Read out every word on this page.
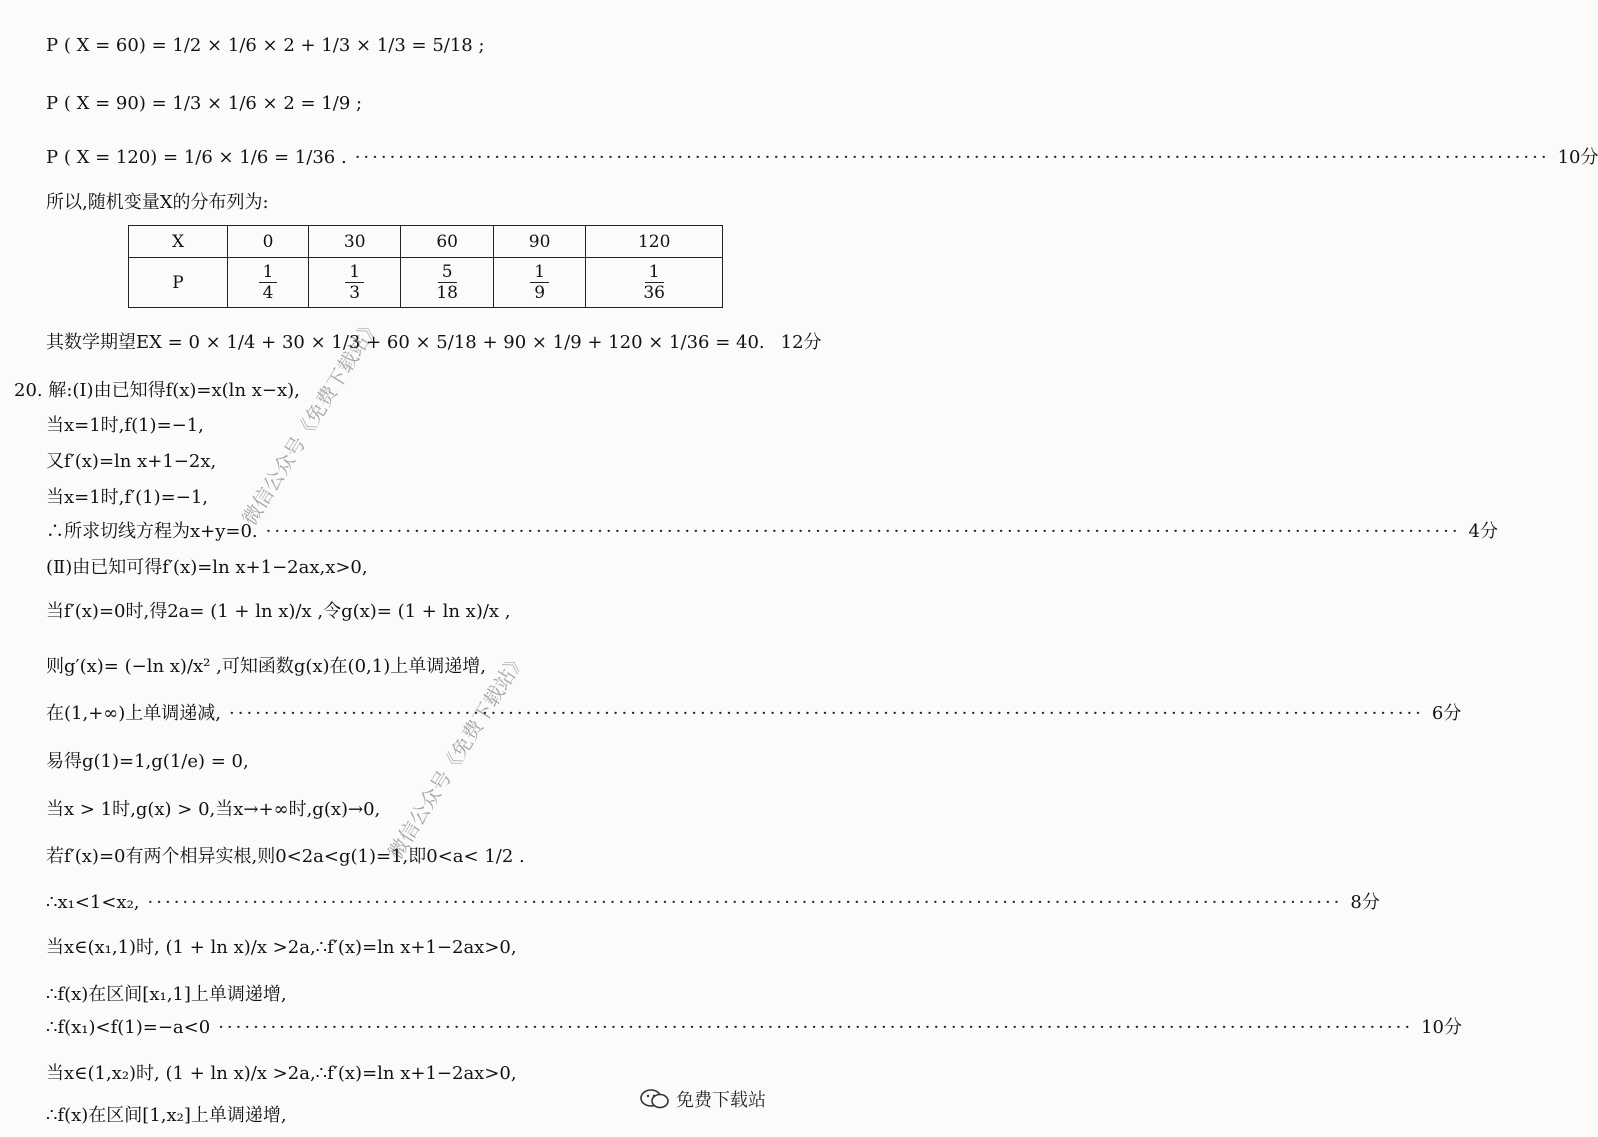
P ( X = 60) = 1/2 × 1/6 × 2 + 1/3 × 1/3 = 5/18 ;
P ( X = 90) = 1/3 × 1/6 × 2 = 1/9 ;
P ( X = 120) = 1/6 × 1/6 = 1/36 . ········································································································································· 10分
所以,随机变量X的分布列为:
X	0	30	60	90	120
P	$\frac{1}{4}$	$\frac{1}{3}$	$\frac{5}{18}$	$\frac{1}{9}$	$\frac{1}{36}$
其数学期望EX = 0 × 1/4 + 30 × 1/3 + 60 × 5/18 + 90 × 1/9 + 120 × 1/36 = 40. 12分
20. 解:(Ⅰ)由已知得f(x)=x(ln x−x),
当x=1时,f(1)=−1,
又f′(x)=ln x+1−2x,
当x=1时,f′(1)=−1,
∴所求切线方程为x+y=0. ········································································································································· 4分
(Ⅱ)由已知可得f′(x)=ln x+1−2ax,x>0,
当f′(x)=0时,得2a= (1 + ln x)/x ,令g(x)= (1 + ln x)/x ,
则g′(x)= (−ln x)/x² ,可知函数g(x)在(0,1)上单调递增,
在(1,+∞)上单调递减, ········································································································································· 6分
易得g(1)=1,g(1/e) = 0,
当x > 1时,g(x) > 0,当x→+∞时,g(x)→0,
若f′(x)=0有两个相异实根,则0<2a<g(1)=1,即0<a< 1/2 .
∴x₁<1<x₂, ········································································································································· 8分
当x∈(x₁,1)时, (1 + ln x)/x >2a,∴f′(x)=ln x+1−2ax>0,
∴f(x)在区间[x₁,1]上单调递增,
∴f(x₁)<f(1)=−a<0 ········································································································································· 10分
当x∈(1,x₂)时, (1 + ln x)/x >2a,∴f′(x)=ln x+1−2ax>0,
∴f(x)在区间[1,x₂]上单调递增,
微信公众号《免费下载站》
微信公众号《免费下载站》
免费下载站
